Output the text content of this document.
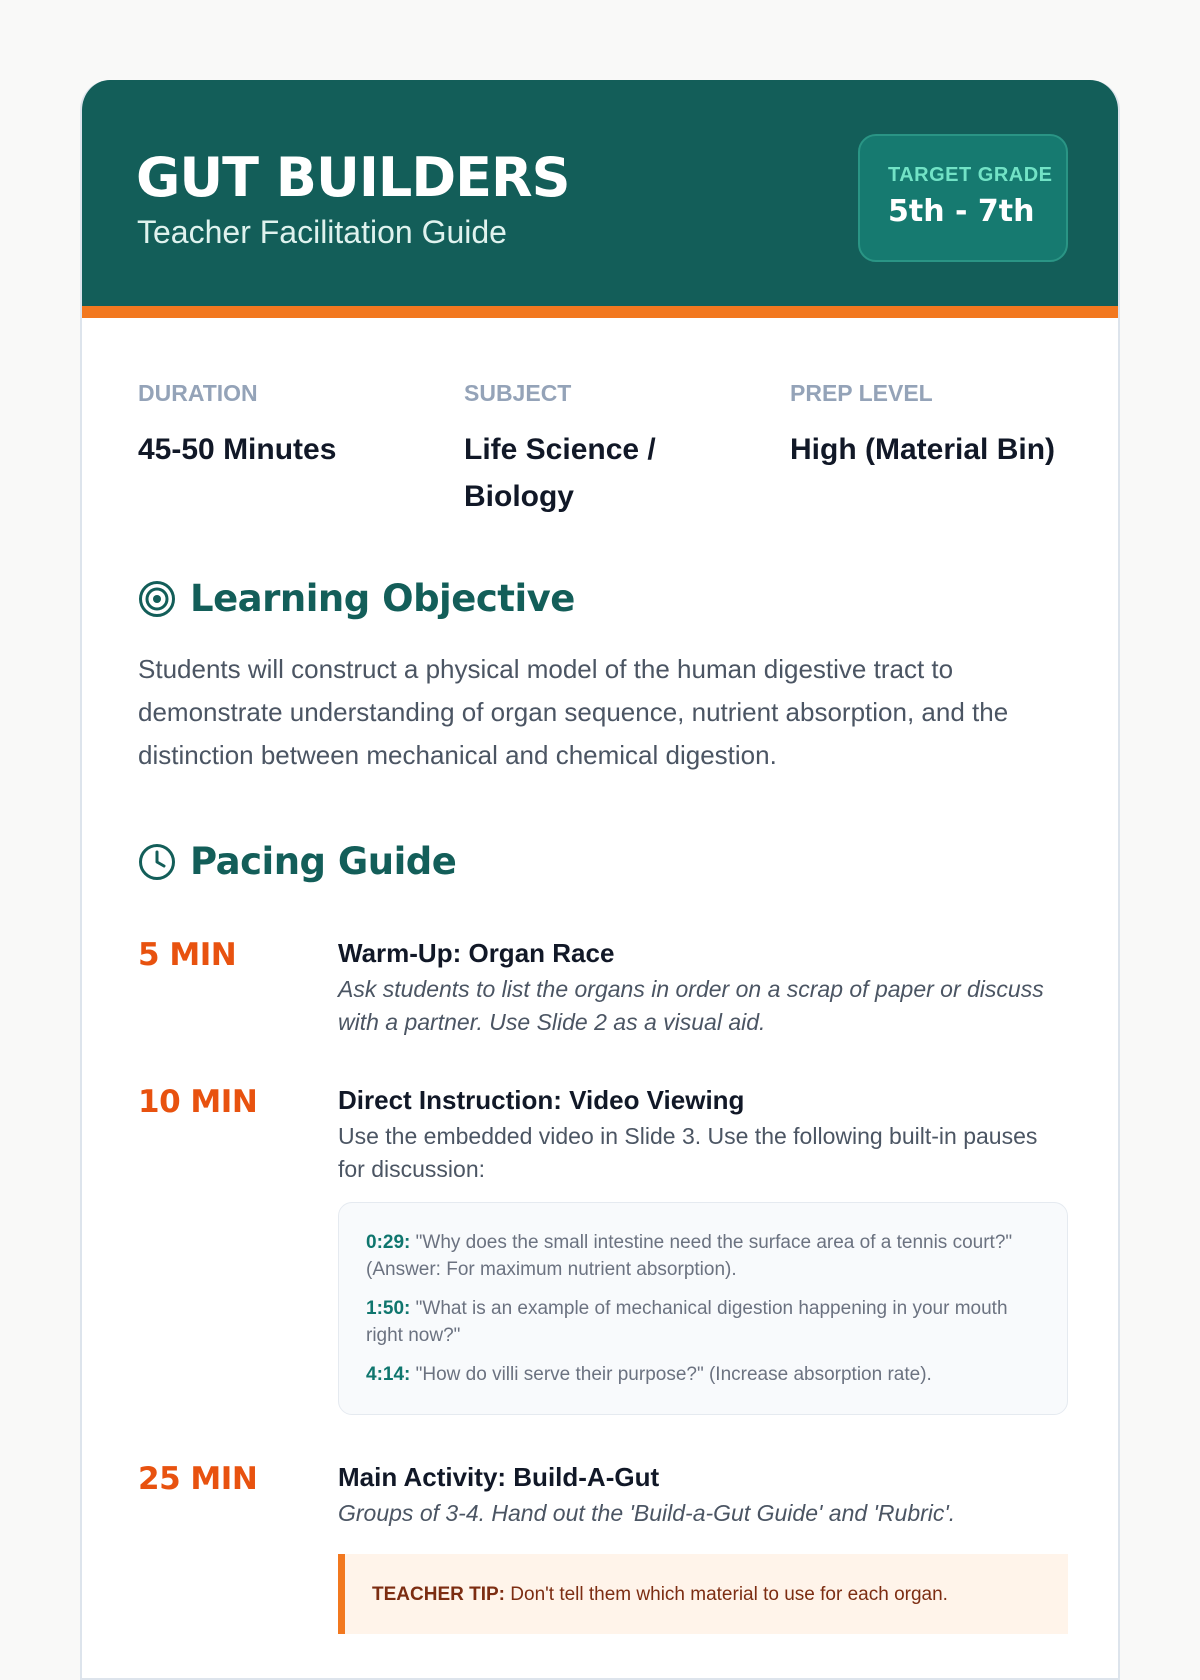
GUT BUILDERS
Teacher Facilitation Guide
TARGET GRADE
5th - 7th
DURATION
45-50 Minutes
SUBJECT
Life Science / Biology
PREP LEVEL
High (Material Bin)
Learning Objective
Students will construct a physical model of the human digestive tract to demonstrate understanding of organ sequence, nutrient absorption, and the distinction between mechanical and chemical digestion.
Pacing Guide
5 MIN	Warm-Up: Organ Race
Ask students to list the organs in order on a scrap of paper or discuss with a partner. Use Slide 2 as a visual aid.
10 MIN	Direct Instruction: Video Viewing
Use the embedded video in Slide 3. Use the following built-in pauses for discussion:
0:29: "Why does the small intestine need the surface area of a tennis court?" (Answer: For maximum nutrient absorption).
1:50: "What is an example of mechanical digestion happening in your mouth right now?"
4:14: "How do villi serve their purpose?" (Increase absorption rate).
25 MIN	Main Activity: Build-A-Gut
Groups of 3-4. Hand out the 'Build-a-Gut Guide' and 'Rubric'.
TEACHER TIP: Don't tell them which material to use for each organ.
